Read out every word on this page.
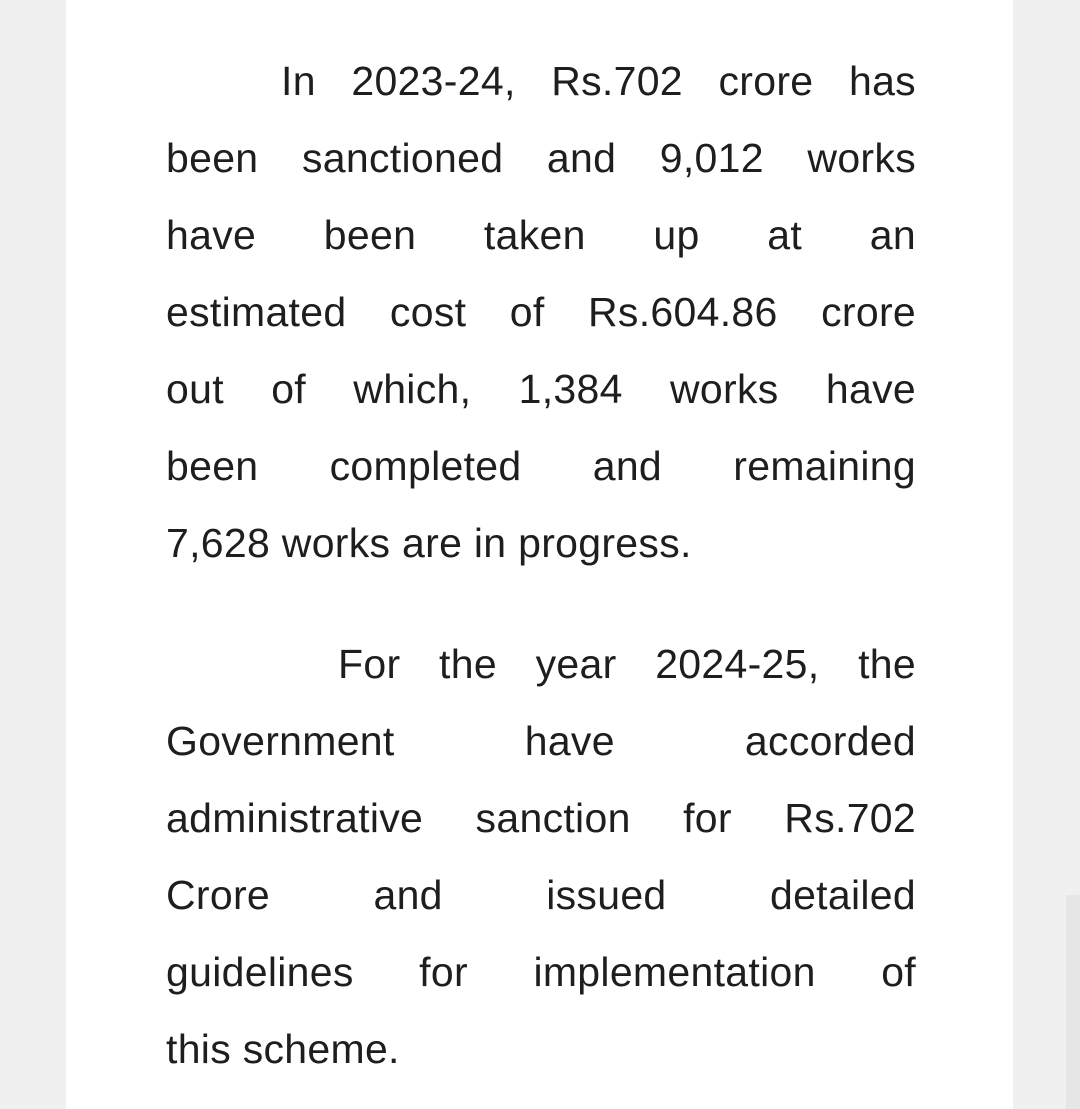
In 2023-24, Rs.702 crore has
been sanctioned and 9,012 works
have been taken up at an
estimated cost of Rs.604.86 crore
out of which, 1,384 works have
been completed and remaining
7,628 works are in progress.

For the year 2024-25, the
Government have accorded
administrative sanction for Rs.702
Crore and issued detailed
guidelines for implementation of
this scheme.
